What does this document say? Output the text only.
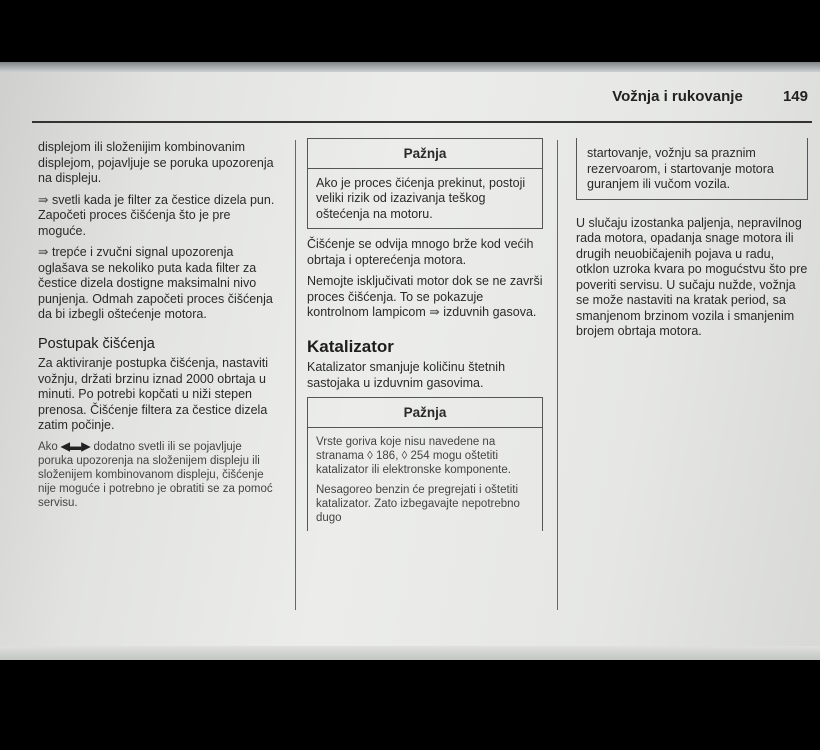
Vožnja i rukovanje	149

displejom ili složenijim kombinovanim displejom, pojavljuje se poruka upozorenja na displeju.

⇛ svetli kada je filter za čestice dizela pun. Započeti proces čišćenja što je pre moguće.

⇛ trepće i zvučni signal upozorenja oglašava se nekoliko puta kada filter za čestice dizela dostigne maksimalni nivo punjenja. Odmah započeti proces čišćenja da bi izbegli oštećenje motora.

Postupak čišćenja

Za aktiviranje postupka čišćenja, nastaviti vožnju, držati brzinu iznad 2000 obrtaja u minuti. Po potrebi kopčati u niži stepen prenosa. Čišćenje filtera za čestice dizela zatim počinje.

Ako ◀▬▶ dodatno svetli ili se pojavljuje poruka upozorenja na složenijem displeju ili složenijem kombinovanom displeju, čišćenje nije moguće i potrebno je obratiti se za pomoć servisu.

Pažnja
Ako je proces čićenja prekinut, postoji veliki rizik od izazivanja teškog oštećenja na motoru.

Čišćenje se odvija mnogo brže kod većih obrtaja i opterećenja motora.

Nemojte isključivati motor dok se ne završi proces čišćenja. To se pokazuje kontrolnom lampicom ⇛ izduvnih gasova.

Katalizator

Katalizator smanjuje količinu štetnih sastojaka u izduvnim gasovima.

Pažnja

Vrste goriva koje nisu navedene na stranama ◊ 186, ◊ 254 mogu oštetiti katalizator ili elektronske komponente.

Nesagoreo benzin će pregrejati i oštetiti katalizator. Zato izbegavajte nepotrebno dugo

startovanje, vožnju sa praznim rezervoarom, i startovanje motora guranjem ili vučom vozila.

U slučaju izostanka paljenja, nepravilnog rada motora, opadanja snage motora ili drugih neuobičajenih pojava u radu, otklon uzroka kvara po mogućstvu što pre poveriti servisu. U sučaju nužde, vožnja se može nastaviti na kratak period, sa smanjenom brzinom vozila i smanjenim brojem obrtaja motora.
